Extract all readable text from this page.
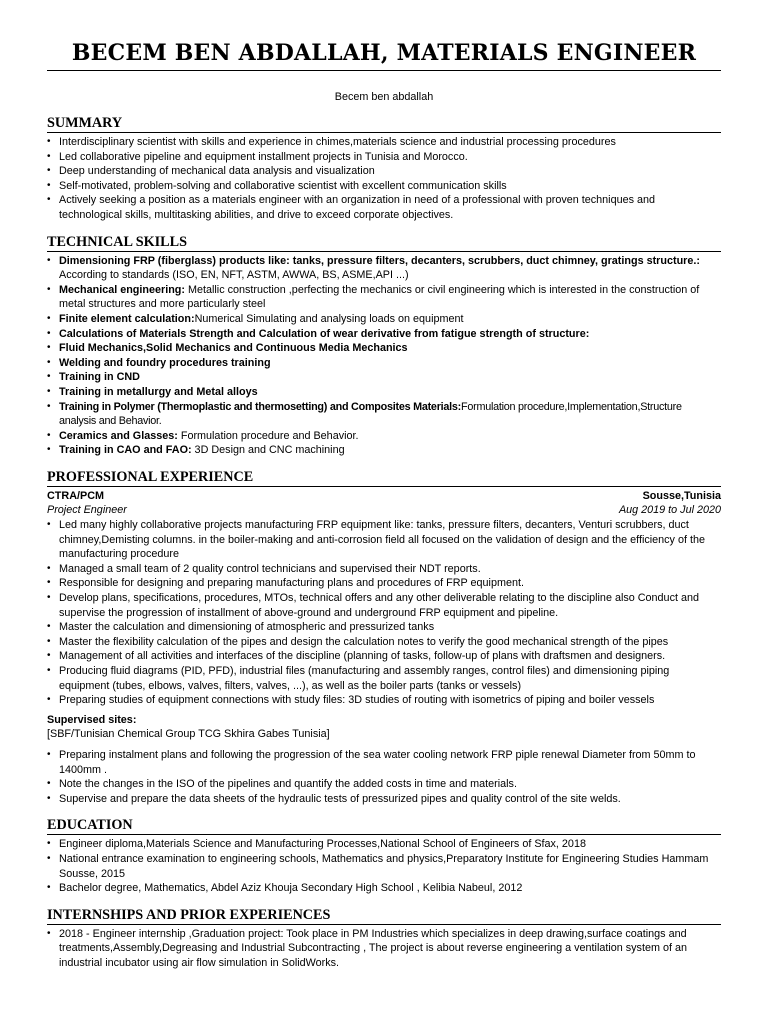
BECEM BEN ABDALLAH, MATERIALS ENGINEER
Becem ben abdallah
SUMMARY
• Interdisciplinary scientist with skills and experience in chimes,materials science and industrial processing procedures
• Led collaborative pipeline and equipment installment projects in Tunisia and Morocco.
• Deep understanding of mechanical data analysis and visualization
• Self-motivated, problem-solving and collaborative scientist with excellent communication skills
• Actively seeking a position as a materials engineer with an organization in need of a professional with proven techniques and technological skills, multitasking abilities, and drive to exceed corporate objectives.
TECHNICAL SKILLS
• Dimensioning FRP (fiberglass) products like: tanks, pressure filters, decanters, scrubbers, duct chimney, gratings structure.: According to standards (ISO, EN, NFT, ASTM, AWWA, BS, ASME,API ...)
• Mechanical engineering: Metallic construction ,perfecting the mechanics or civil engineering which is interested in the construction of metal structures and more particularly steel
• Finite element calculation:Numerical Simulating and analysing loads on equipment
• Calculations of Materials Strength and Calculation of wear derivative from fatigue strength of structure:
• Fluid Mechanics,Solid Mechanics and Continuous Media Mechanics
• Welding and foundry procedures training
• Training in CND
• Training in metallurgy and Metal alloys
• Training in Polymer (Thermoplastic and thermosetting) and Composites Materials:Formulation procedure,Implementation,Structure analysis and Behavior.
• Ceramics and Glasses: Formulation procedure and Behavior.
• Training in CAO and FAO: 3D Design and CNC machining
PROFESSIONAL EXPERIENCE
CTRA/PCM	Sousse,Tunisia
Project Engineer	Aug 2019 to Jul 2020
• Led many highly collaborative projects manufacturing FRP equipment like: tanks, pressure filters, decanters, Venturi scrubbers, duct chimney,Demisting columns. in the boiler-making and anti-corrosion field all focused on the validation of design and the efficiency of the manufacturing procedure
• Managed a small team of 2 quality control technicians and supervised their NDT reports.
• Responsible for designing and preparing manufacturing plans and procedures of FRP equipment.
• Develop plans, specifications, procedures, MTOs, technical offers and any other deliverable relating to the discipline also Conduct and supervise the progression of installment of above-ground and underground FRP equipment and pipeline.
• Master the calculation and dimensioning of atmospheric and pressurized tanks
• Master the flexibility calculation of the pipes and design the calculation notes to verify the good mechanical strength of the pipes
• Management of all activities and interfaces of the discipline (planning of tasks, follow-up of plans with draftsmen and designers.
• Producing fluid diagrams (PID, PFD), industrial files (manufacturing and assembly ranges, control files) and dimensioning piping equipment (tubes, elbows, valves, filters, valves, ...), as well as the boiler parts (tanks or vessels)
• Preparing studies of equipment connections with study files: 3D studies of routing with isometrics of piping and boiler vessels
Supervised sites:
[SBF/Tunisian Chemical Group TCG Skhira Gabes Tunisia]
• Preparing instalment plans and following the progression of the sea water cooling network FRP piple renewal Diameter from 50mm to 1400mm .
• Note the changes in the ISO of the pipelines and quantify the added costs in time and materials.
• Supervise and prepare the data sheets of the hydraulic tests of pressurized pipes and quality control of the site welds.
EDUCATION
• Engineer diploma,Materials Science and Manufacturing Processes,National School of Engineers of Sfax, 2018
• National entrance examination to engineering schools, Mathematics and physics,Preparatory Institute for Engineering Studies Hammam Sousse, 2015
• Bachelor degree, Mathematics, Abdel Aziz Khouja Secondary High School , Kelibia Nabeul, 2012
INTERNSHIPS AND PRIOR EXPERIENCES
• 2018 - Engineer internship ,Graduation project: Took place in PM Industries which specializes in deep drawing,surface coatings and treatments,Assembly,Degreasing and Industrial Subcontracting , The project is about reverse engineering a ventilation system of an industrial incubator using air flow simulation in SolidWorks.
